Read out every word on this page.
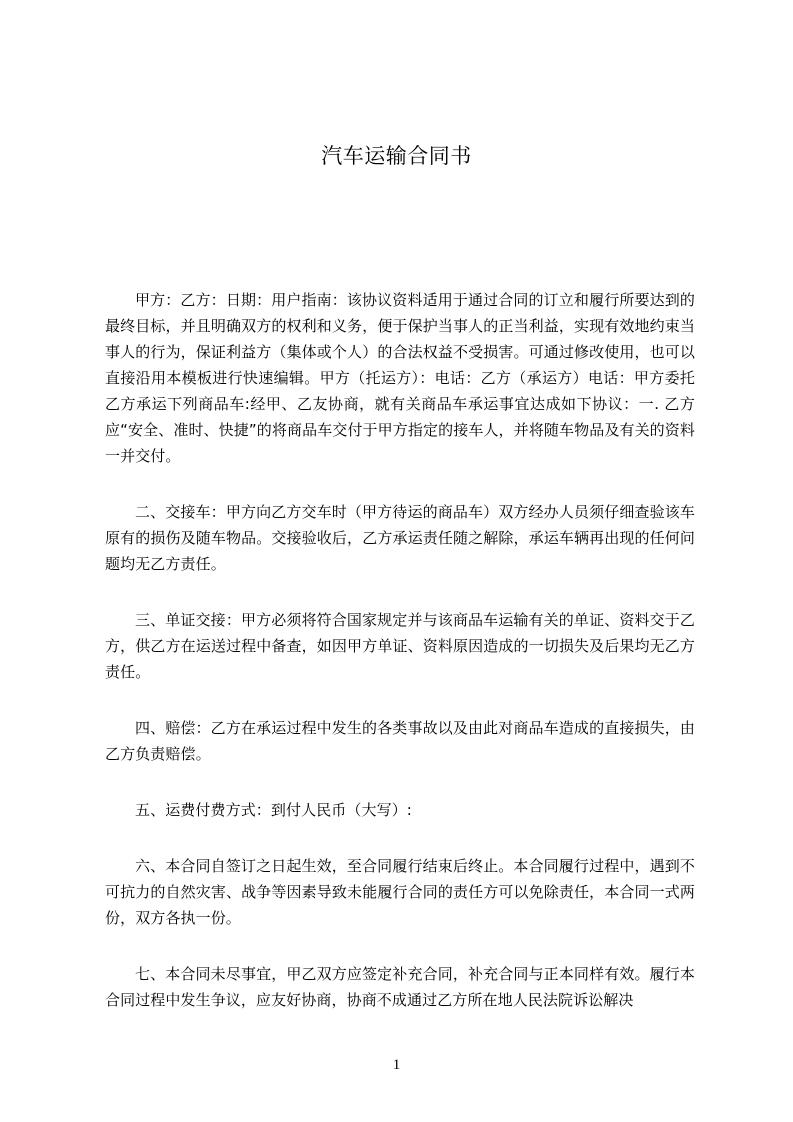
汽车运输合同书

甲方：乙方：日期：用户指南：该协议资料适用于通过合同的订立和履行所要达到的最终目标，并且明确双方的权利和义务，便于保护当事人的正当利益，实现有效地约束当事人的行为，保证利益方（集体或个人）的合法权益不受损害。可通过修改使用，也可以直接沿用本模板进行快速编辑。甲方（托运方）：电话：乙方（承运方）电话：甲方委托乙方承运下列商品车:经甲、乙友协商，就有关商品车承运事宜达成如下协议：一. 乙方应“安全、准时、快捷”的将商品车交付于甲方指定的接车人，并将随车物品及有关的资料一并交付。

二、交接车：甲方向乙方交车时（甲方待运的商品车）双方经办人员须仔细查验该车原有的损伤及随车物品。交接验收后，乙方承运责任随之解除，承运车辆再出现的任何问题均无乙方责任。

三、单证交接：甲方必须将符合国家规定并与该商品车运输有关的单证、资料交于乙方，供乙方在运送过程中备查，如因甲方单证、资料原因造成的一切损失及后果均无乙方责任。

四、赔偿：乙方在承运过程中发生的各类事故以及由此对商品车造成的直接损失，由乙方负责赔偿。

五、运费付费方式：到付人民币（大写）:

六、本合同自签订之日起生效，至合同履行结束后终止。本合同履行过程中，遇到不可抗力的自然灾害、战争等因素导致未能履行合同的责任方可以免除责任，本合同一式两份，双方各执一份。

七、本合同未尽事宜，甲乙双方应签定补充合同，补充合同与正本同样有效。履行本合同过程中发生争议，应友好协商，协商不成通过乙方所在地人民法院诉讼解决

1
